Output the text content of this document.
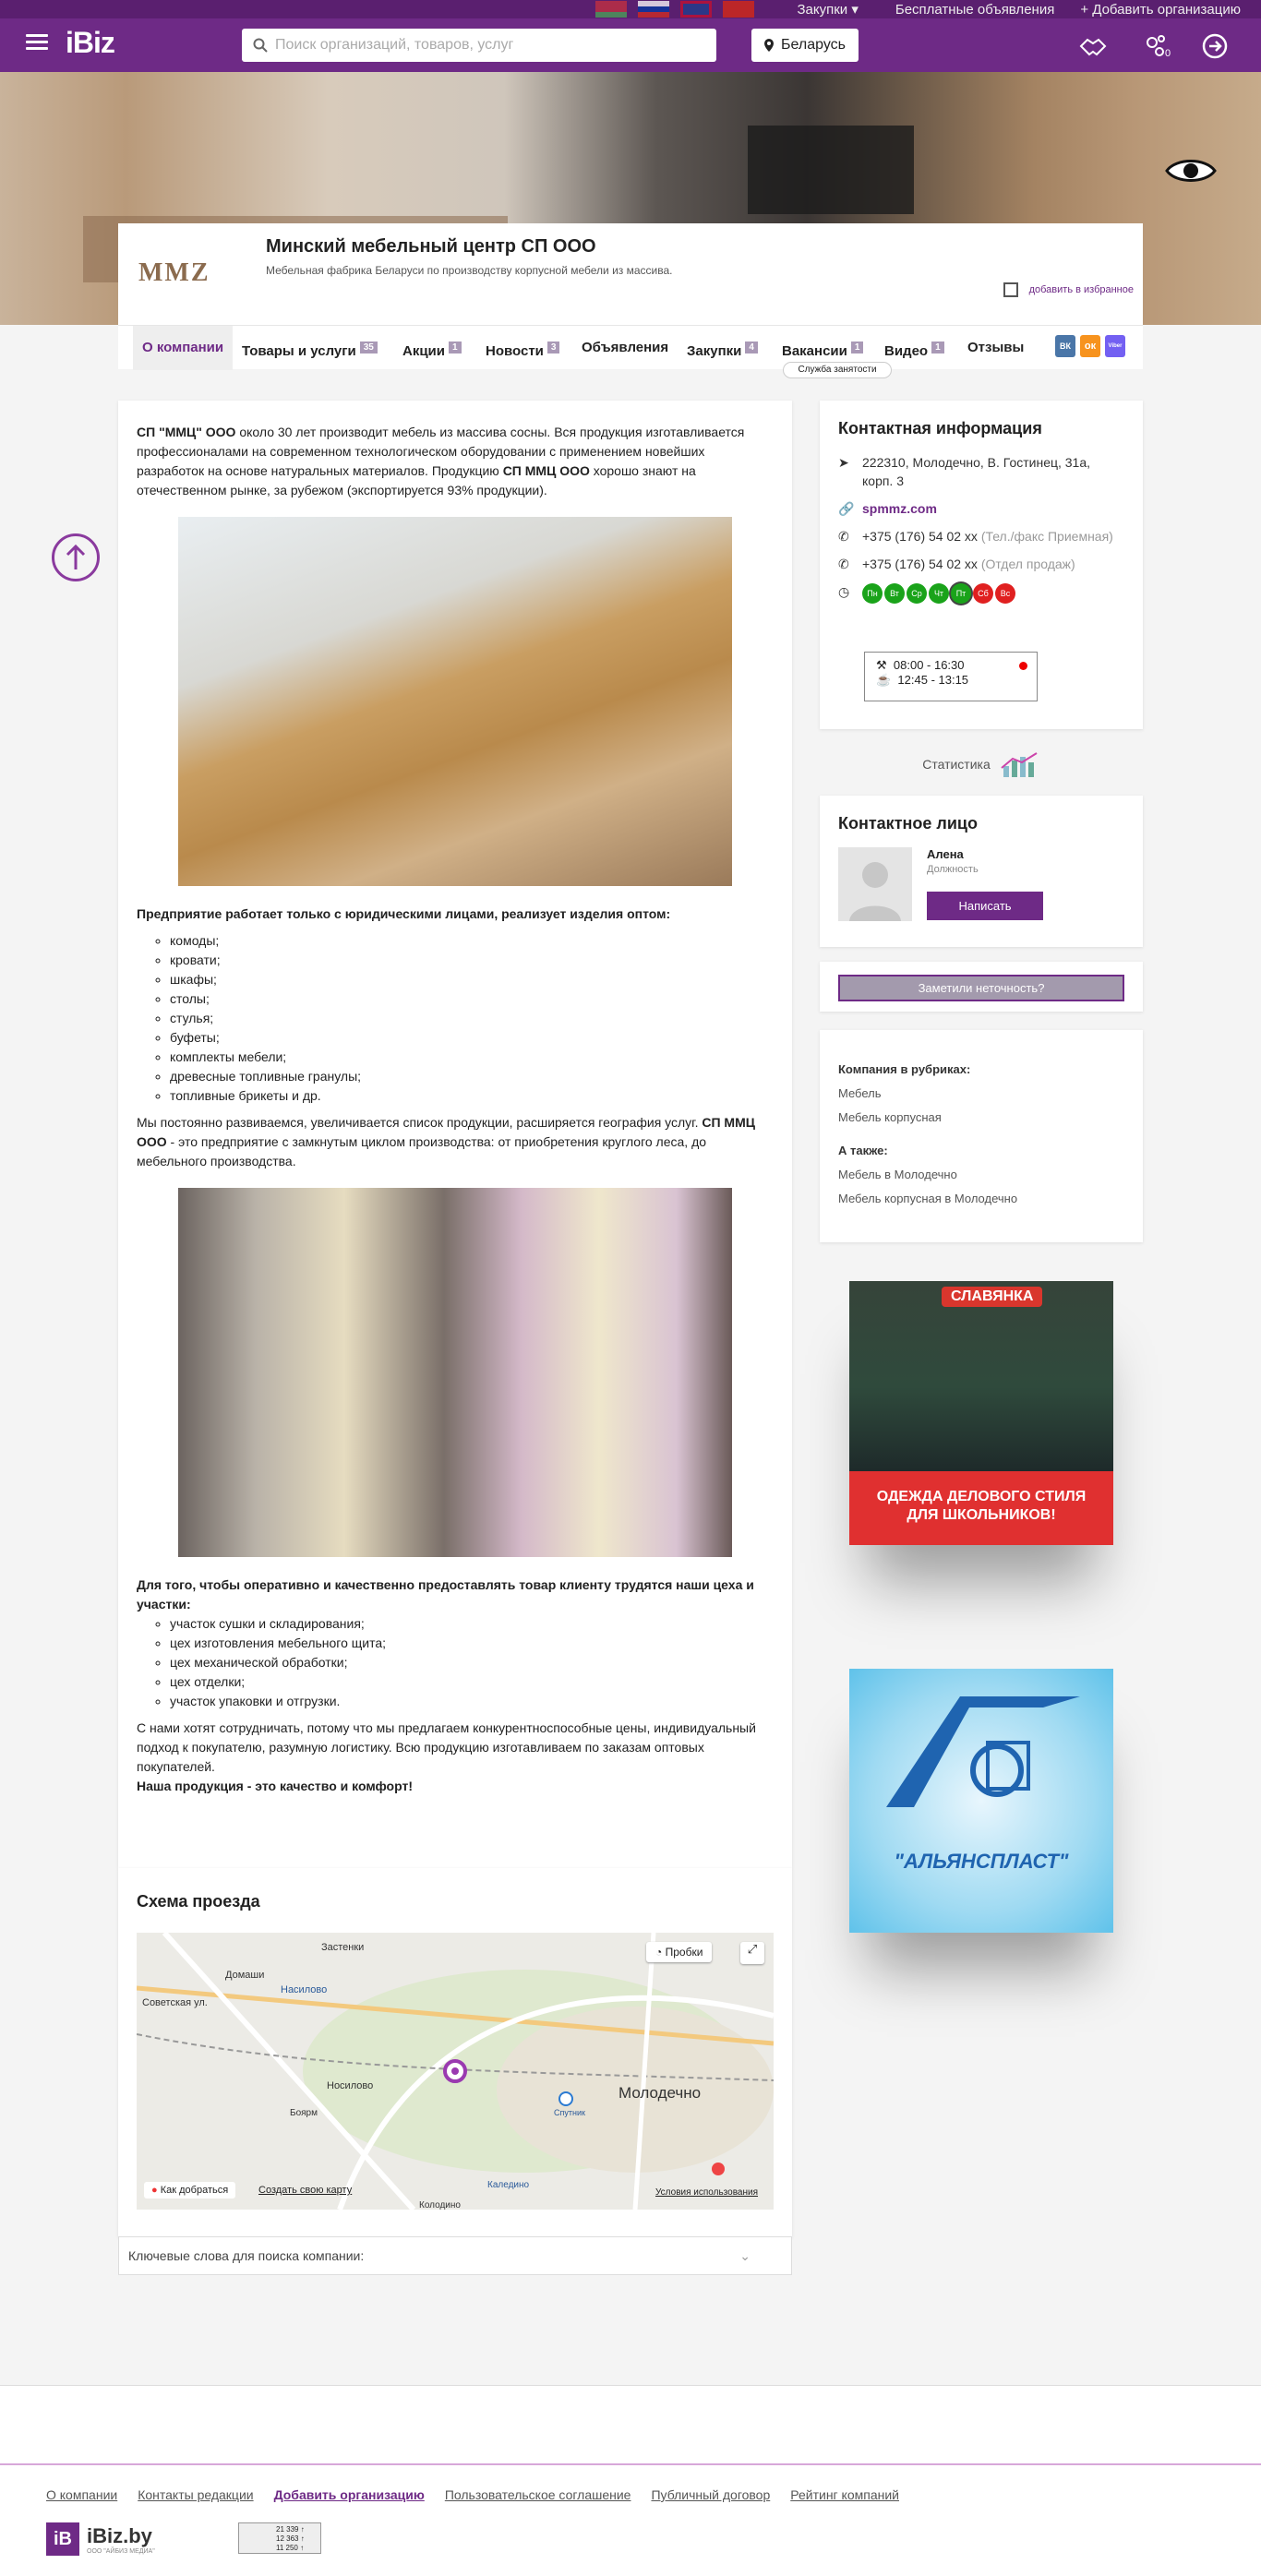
Закупки ▾	Бесплатные объявления + Добавить организацию
iBiz	Поиск организаций, товаров, услуг	Беларусь
0
MMZ
Минский мебельный центр СП ООО
Мебельная фабрика Беларуси по производству корпусной мебели из массива.
добавить в избранное
О компании	Товары и услуги $^{35}$ Акции $^1$ Новости $^3$ Объявления Закупки $^4$ Вакансии $^1$ Видео $^1$ Отзывы	ВК	ок	Viber
Служба занятости

СП "ММЦ" ООО около 30 лет производит мебель из массива сосны. Вся продукция изготавливается профессионалами на современном технологическом оборудовании с применением новейших разработок на основе натуральных материалов. Продукцию СП ММЦ ООО хорошо знают на отечественном рынке, за рубежом (экспортируется 93% продукции).

Предприятие работает только с юридическими лицами, реализует изделия оптом:

◦ комоды;
◦ кровати;
◦ шкафы;
◦ столы;
◦ стулья;
◦ буфеты;
◦ комплекты мебели;
◦ древесные топливные гранулы;
◦ топливные брикеты и др.

Мы постоянно развиваемся, увеличивается список продукции, расширяется география услуг. СП ММЦ ООО - это предприятие с замкнутым циклом производства: от приобретения круглого леса, до мебельного производства.

Для того, чтобы оперативно и качественно предоставлять товар клиенту трудятся наши цеха и участки:

◦ участок сушки и складирования;
◦ цех изготовления мебельного щита;
◦ цех механической обработки;
◦ цех отделки;
◦ участок упаковки и отгрузки.

С нами хотят сотрудничать, потому что мы предлагаем конкурентноспособные цены, индивидуальный подход к покупателю, разумную логистику. Всю продукцию изготавливаем по заказам оптовых покупателей.

Наша продукция - это качество и комфорт!

Схема проезда
Застенки
Домаши
Насилово
Советская ул.
Носилово	Молодечно
Спутник
Боярм
Каледино
Колодино
◔ Пробки	⤢
● Как добраться	Создать свою карту	Условия использования
Ключевые слова для поиска компании:	⌄
Контактная информация
➤	222310, Молодечно, В. Гостинец, 31а, корп. 3
🔗 spmmz.com
✆	+375 (176) 54 02 xx (Тел./факс Приемная)
✆	+375 (176) 54 02 xx (Отдел продаж)
◷	Пн Вт Ср Чт Пт Сб Вс
⚒ 08:00 - 16:30
☕ 12:45 - 13:15
Статистика
Контактное лицо
Алена
Должность
Написать
Заметили неточность?
Компания в рубриках:
Мебель
Мебель корпусная
А также:
Мебель в Молодечно
Мебель корпусная в Молодечно
СЛАВЯНКА
ОДЕЖДА ДЕЛОВОГО СТИЛЯ ДЛЯ ШКОЛЬНИКОВ!
"АЛЬЯНСПЛАСТ"
О компании Контакты редакции Добавить организацию Пользовательское соглашение Публичный договор Рейтинг компаний
iB iBiz.by
ООО "АЙБИЗ МЕДИА"
21 339 ↑
12 363 ↑
11 250 ↑
